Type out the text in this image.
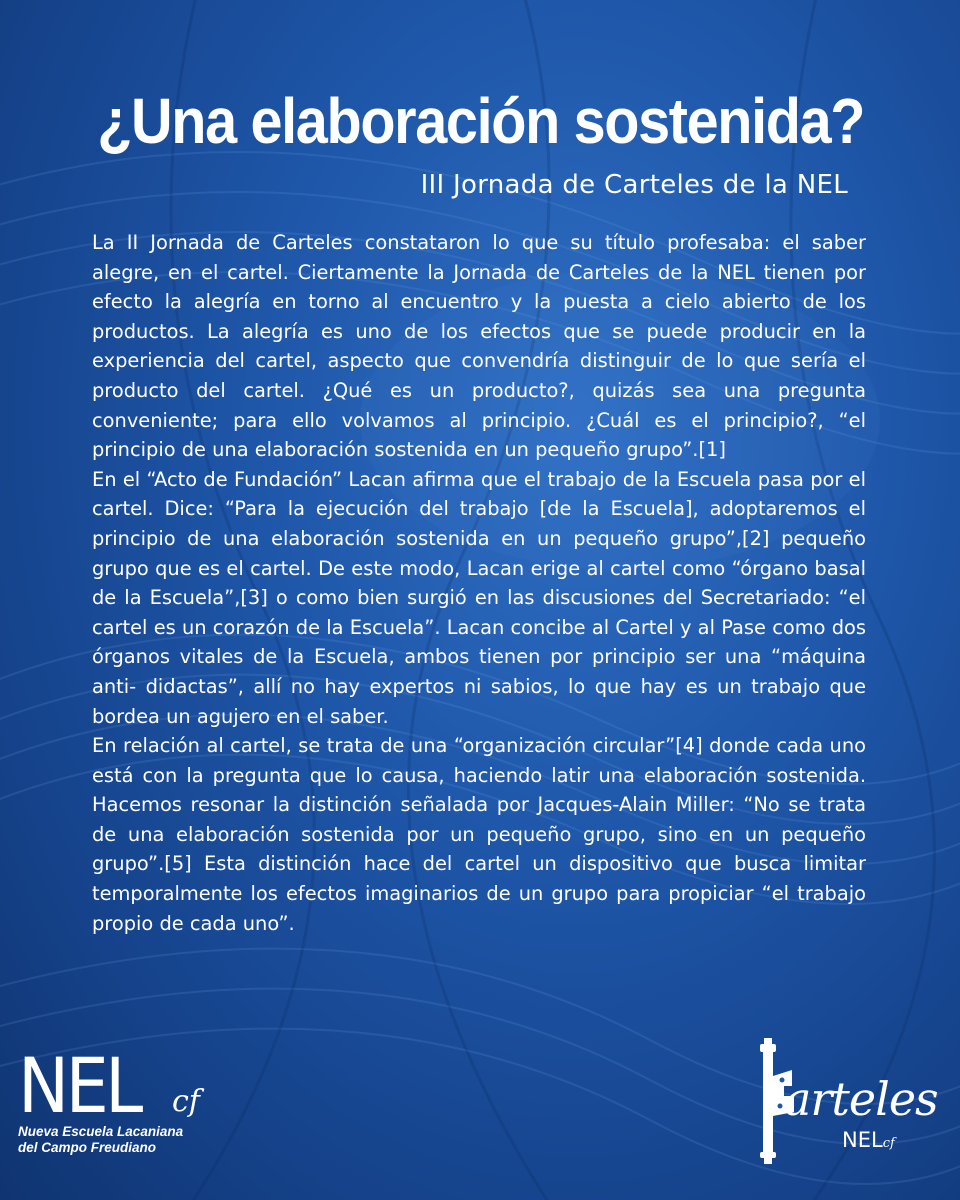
¿Una elaboración sostenida?
III Jornada de Carteles de la NEL

La II Jornada de Carteles constataron lo que su título profesaba: el saber alegre, en el cartel. Ciertamente la Jornada de Carteles de la NEL tienen por efecto la alegría en torno al encuentro y la puesta a cielo abierto de los productos. La alegría es uno de los efectos que se puede producir en la experiencia del cartel, aspecto que convendría distinguir de lo que sería el producto del cartel. ¿Qué es un producto?, quizás sea una pregunta conveniente; para ello volvamos al principio. ¿Cuál es el principio?, “el principio de una elaboración sostenida en un pequeño grupo”.[1]

En el “Acto de Fundación” Lacan afirma que el trabajo de la Escuela pasa por el cartel. Dice: “Para la ejecución del trabajo [de la Escuela], adoptaremos el principio de una elaboración sostenida en un pequeño grupo”,[2] pequeño grupo que es el cartel. De este modo, Lacan erige al cartel como “órgano basal de la Escuela”,[3] o como bien surgió en las discusiones del Secretariado: “el cartel es un corazón de la Escuela”. Lacan concibe al Cartel y al Pase como dos órganos vitales de la Escuela, ambos tienen por principio ser una “máquina anti- didactas”, allí no hay expertos ni sabios, lo que hay es un trabajo que bordea un agujero en el saber.

En relación al cartel, se trata de una “organización circular”[4] donde cada uno está con la pregunta que lo causa, haciendo latir una elaboración sostenida. Hacemos resonar la distinción señalada por Jacques-Alain Miller: “No se trata de una elaboración sostenida por un pequeño grupo, sino en un pequeño grupo”.[5] Esta distinción hace del cartel un dispositivo que busca limitar temporalmente los efectos imaginarios de un grupo para propiciar “el trabajo propio de cada uno”.

NEL cf
Nueva Escuela Lacaniana
del Campo Freudiano
arteles
NELcf
